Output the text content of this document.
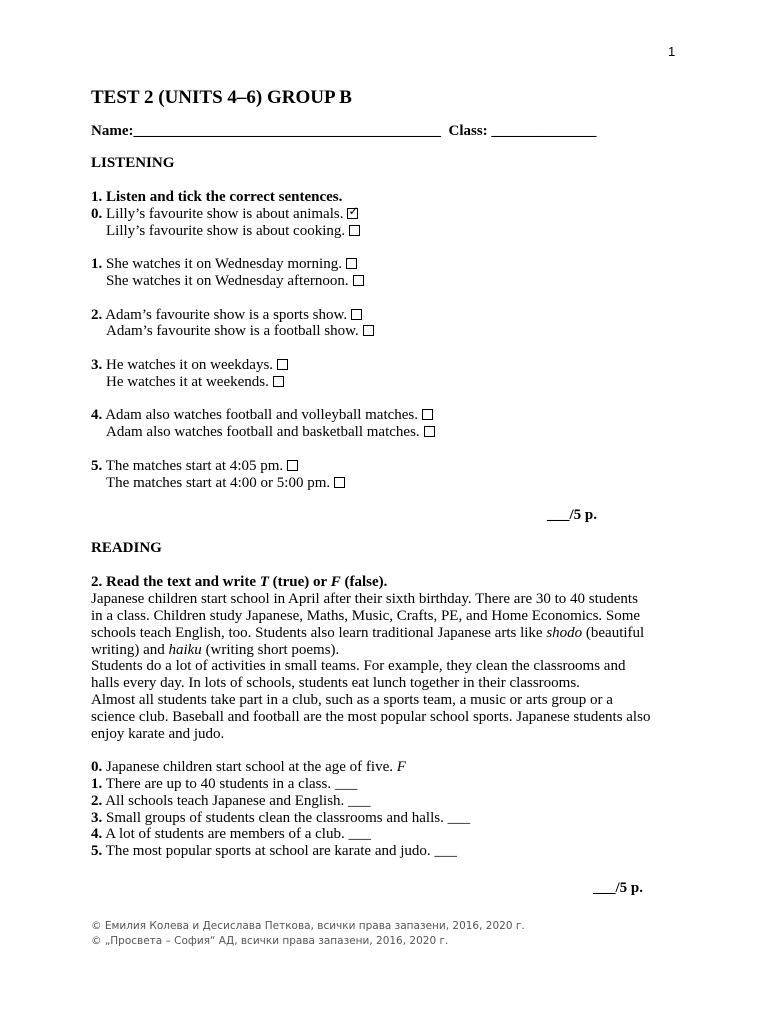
1
TEST 2 (UNITS 4–6) GROUP B
Name:_________________________________________ Class: ______________
LISTENING
1. Listen and tick the correct sentences.
0. Lilly’s favourite show is about animals.✓
Lilly’s favourite show is about cooking.
1. She watches it on Wednesday morning.
She watches it on Wednesday afternoon.
2. Adam’s favourite show is a sports show.
Adam’s favourite show is a football show.
3. He watches it on weekdays.
He watches it at weekends.
4. Adam also watches football and volleyball matches.
Adam also watches football and basketball matches.
5. The matches start at 4:05 pm.
The matches start at 4:00 or 5:00 pm.
___/5 p.
READING
2. Read the text and write T (true) or F (false).
Japanese children start school in April after their sixth birthday. There are 30 to 40 students
in a class. Children study Japanese, Maths, Music, Crafts, PE, and Home Economics. Some
schools teach English, too. Students also learn traditional Japanese arts like shodo (beautiful
writing) and haiku (writing short poems).
Students do a lot of activities in small teams. For example, they clean the classrooms and
halls every day. In lots of schools, students eat lunch together in their classrooms.
Almost all students take part in a club, such as a sports team, a music or arts group or a
science club. Baseball and football are the most popular school sports. Japanese students also
enjoy karate and judo.
0. Japanese children start school at the age of five. F
1. There are up to 40 students in a class. ___
2. All schools teach Japanese and English. ___
3. Small groups of students clean the classrooms and halls. ___
4. A lot of students are members of a club. ___
5. The most popular sports at school are karate and judo. ___
___/5 p.
© Емилия Колева и Десислава Петкова, всички права запазени, 2016, 2020 г.
© „Просвета – София“ АД, всички права запазени, 2016, 2020 г.
